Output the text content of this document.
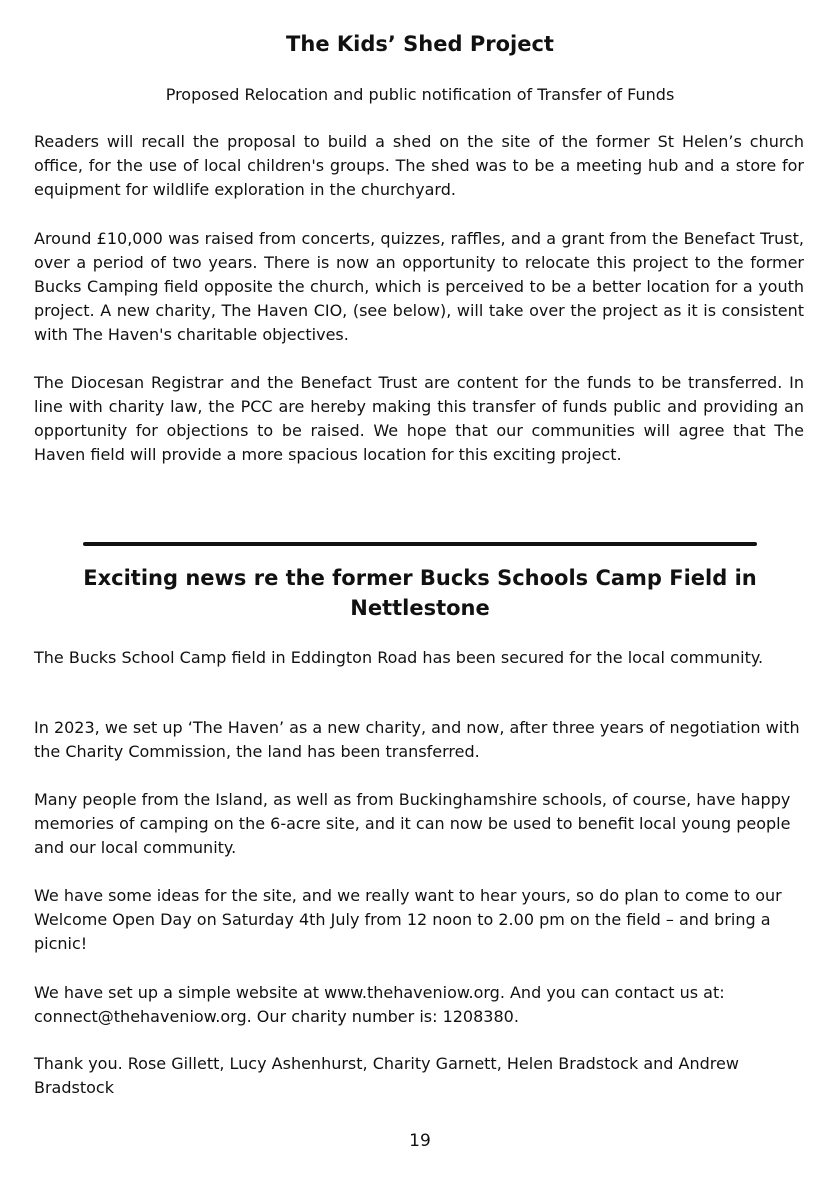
The Kids’ Shed Project

Proposed Relocation and public notification of Transfer of Funds

Readers will recall the proposal to build a shed on the site of the former St Helen’s church office, for the use of local children's groups. The shed was to be a meeting hub and a store for equipment for wildlife exploration in the churchyard.

Around £10,000 was raised from concerts, quizzes, raffles, and a grant from the Benefact Trust, over a period of two years. There is now an opportunity to relocate this project to the former Bucks Camping field opposite the church, which is perceived to be a better location for a youth project. A new charity, The Haven CIO, (see below), will take over the project as it is consistent with The Haven's charitable objectives.

The Diocesan Registrar and the Benefact Trust are content for the funds to be transferred. In line with charity law, the PCC are hereby making this transfer of funds public and providing an opportunity for objections to be raised. We hope that our communities will agree that The Haven field will provide a more spacious location for this exciting project.

Exciting news re the former Bucks Schools Camp Field in Nettlestone

The Bucks School Camp field in Eddington Road has been secured for the local community.

In 2023, we set up ‘The Haven’ as a new charity, and now, after three years of negotiation with the Charity Commission, the land has been transferred.

Many people from the Island, as well as from Buckinghamshire schools, of course, have happy memories of camping on the 6-acre site, and it can now be used to benefit local young people and our local community.

We have some ideas for the site, and we really want to hear yours, so do plan to come to our Welcome Open Day on Saturday 4th July from 12 noon to 2.00 pm on the field – and bring a picnic!

We have set up a simple website at www.thehaveniow.org. And you can contact us at: connect@thehaveniow.org. Our charity number is: 1208380.

Thank you. Rose Gillett, Lucy Ashenhurst, Charity Garnett, Helen Bradstock and Andrew Bradstock

19
